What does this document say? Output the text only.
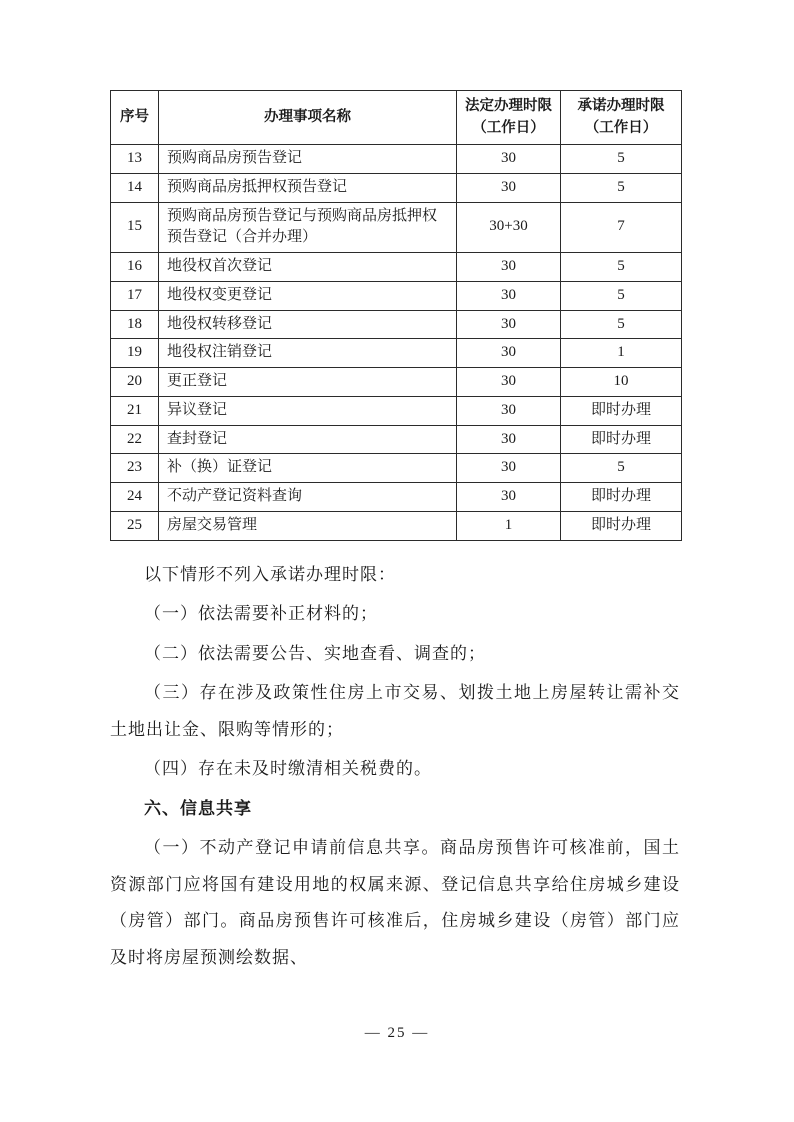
序号	办理事项名称	法定办理时限（工作日）	承诺办理时限（工作日）
13	预购商品房预告登记	30	5
14	预购商品房抵押权预告登记	30	5
15	预购商品房预告登记与预购商品房抵押权预告登记（合并办理）	30+30	7
16	地役权首次登记	30	5
17	地役权变更登记	30	5
18	地役权转移登记	30	5
19	地役权注销登记	30	1
20	更正登记	30	10
21	异议登记	30	即时办理
22	查封登记	30	即时办理
23	补（换）证登记	30	5
24	不动产登记资料查询	30	即时办理
25	房屋交易管理	1	即时办理

以下情形不列入承诺办理时限：

（一）依法需要补正材料的；

（二）依法需要公告、实地查看、调查的；

（三）存在涉及政策性住房上市交易、划拨土地上房屋转让需补交土地出让金、限购等情形的；

（四）存在未及时缴清相关税费的。

六、信息共享

（一）不动产登记申请前信息共享。商品房预售许可核准前，国土资源部门应将国有建设用地的权属来源、登记信息共享给住房城乡建设（房管）部门。商品房预售许可核准后，住房城乡建设（房管）部门应及时将房屋预测绘数据、

— 25 —
